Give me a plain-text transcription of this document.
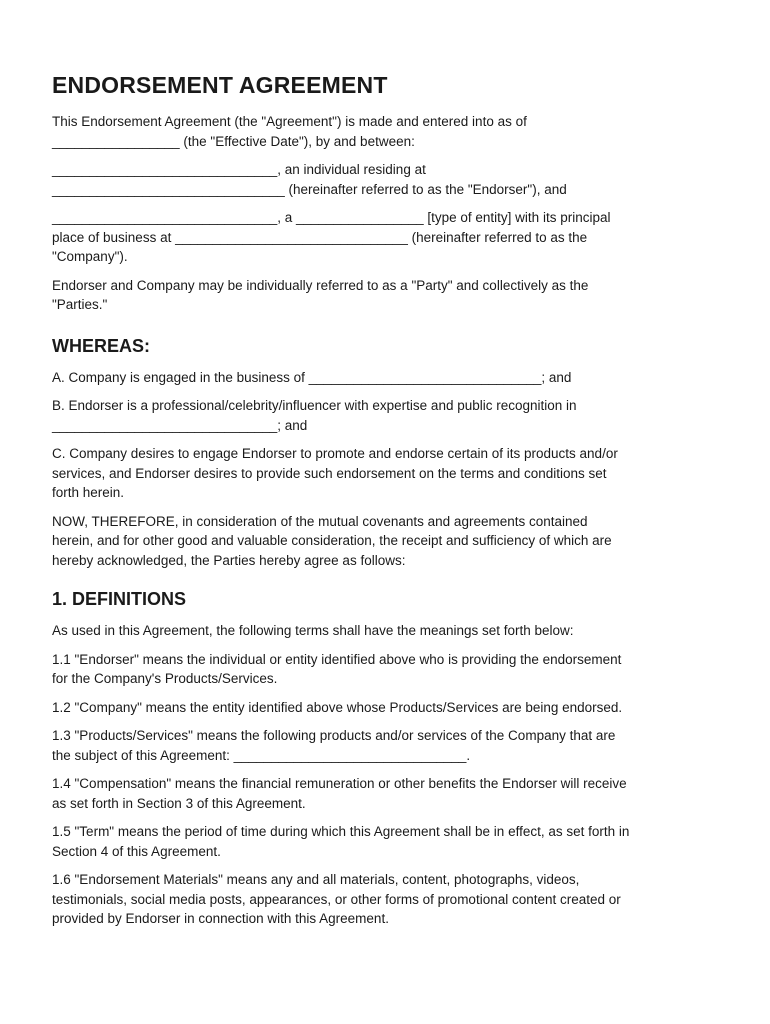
ENDORSEMENT AGREEMENT

This Endorsement Agreement (the "Agreement") is made and entered into as of
_________________ (the "Effective Date"), by and between:

______________________________, an individual residing at
_______________________________ (hereinafter referred to as the "Endorser"), and

______________________________, a _________________ [type of entity] with its principal
place of business at _______________________________ (hereinafter referred to as the
"Company").

Endorser and Company may be individually referred to as a "Party" and collectively as the
"Parties."

WHEREAS:

A. Company is engaged in the business of _______________________________; and

B. Endorser is a professional/celebrity/influencer with expertise and public recognition in
______________________________; and

C. Company desires to engage Endorser to promote and endorse certain of its products and/or
services, and Endorser desires to provide such endorsement on the terms and conditions set
forth herein.

NOW, THEREFORE, in consideration of the mutual covenants and agreements contained
herein, and for other good and valuable consideration, the receipt and sufficiency of which are
hereby acknowledged, the Parties hereby agree as follows:

1. DEFINITIONS

As used in this Agreement, the following terms shall have the meanings set forth below:

1.1 "Endorser" means the individual or entity identified above who is providing the endorsement
for the Company's Products/Services.

1.2 "Company" means the entity identified above whose Products/Services are being endorsed.

1.3 "Products/Services" means the following products and/or services of the Company that are
the subject of this Agreement: _______________________________.

1.4 "Compensation" means the financial remuneration or other benefits the Endorser will receive
as set forth in Section 3 of this Agreement.

1.5 "Term" means the period of time during which this Agreement shall be in effect, as set forth in
Section 4 of this Agreement.

1.6 "Endorsement Materials" means any and all materials, content, photographs, videos,
testimonials, social media posts, appearances, or other forms of promotional content created or
provided by Endorser in connection with this Agreement.
